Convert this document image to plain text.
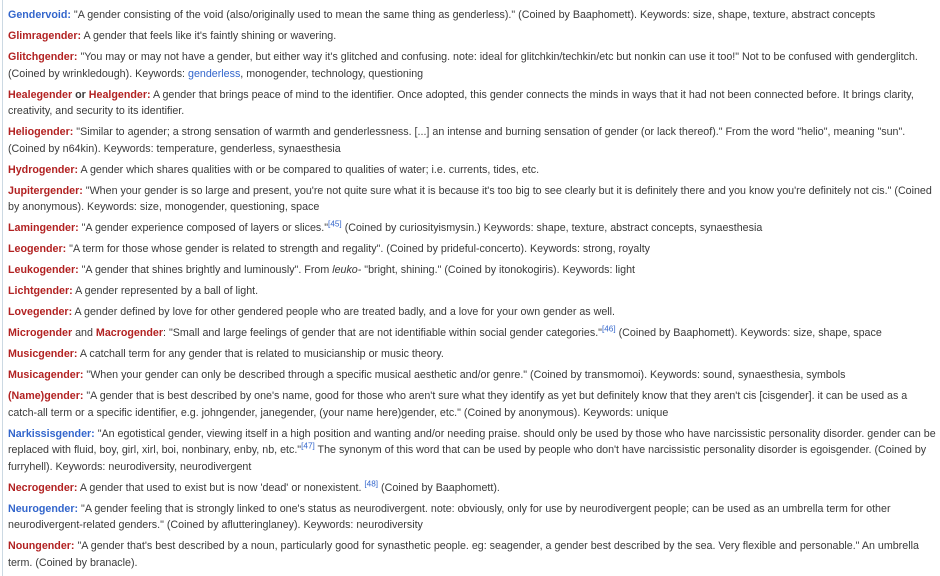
Gendervoid: "A gender consisting of the void (also/originally used to mean the same thing as genderless)." (Coined by Baaphomett). Keywords: size, shape, texture, abstract concepts

Glimragender: A gender that feels like it's faintly shining or wavering.

Glitchgender: "You may or may not have a gender, but either way it's glitched and confusing. note: ideal for glitchkin/techkin/etc but nonkin can use it too!" Not to be confused with genderglitch. (Coined by wrinkledough). Keywords: genderless, monogender, technology, questioning

Healegender or Healgender: A gender that brings peace of mind to the identifier. Once adopted, this gender connects the minds in ways that it had not been connected before. It brings clarity, creativity, and security to its identifier.

Heliogender: "Similar to agender; a strong sensation of warmth and genderlessness. [...] an intense and burning sensation of gender (or lack thereof)." From the word "helio", meaning "sun". (Coined by n64kin). Keywords: temperature, genderless, synaesthesia

Hydrogender: A gender which shares qualities with or be compared to qualities of water; i.e. currents, tides, etc.

Jupitergender: "When your gender is so large and present, you're not quite sure what it is because it's too big to see clearly but it is definitely there and you know you're definitely not cis." (Coined by anonymous). Keywords: size, monogender, questioning, space

Lamingender: "A gender experience composed of layers or slices."[45] (Coined by curiosityismysin.) Keywords: shape, texture, abstract concepts, synaesthesia

Leogender: "A term for those whose gender is related to strength and regality". (Coined by prideful-concerto). Keywords: strong, royalty

Leukogender: "A gender that shines brightly and luminously". From leuko- "bright, shining." (Coined by itonokogiris). Keywords: light

Lichtgender: A gender represented by a ball of light.

Lovegender: A gender defined by love for other gendered people who are treated badly, and a love for your own gender as well.

Microgender and Macrogender: "Small and large feelings of gender that are not identifiable within social gender categories."[46] (Coined by Baaphomett). Keywords: size, shape, space

Musicgender: A catchall term for any gender that is related to musicianship or music theory.

Musicagender: "When your gender can only be described through a specific musical aesthetic and/or genre." (Coined by transmomoi). Keywords: sound, synaesthesia, symbols

(Name)gender: "A gender that is best described by one's name, good for those who aren't sure what they identify as yet but definitely know that they aren't cis [cisgender]. it can be used as a catch-all term or a specific identifier, e.g. johngender, janegender, (your name here)gender, etc." (Coined by anonymous). Keywords: unique

Narkissisgender: "An egotistical gender, viewing itself in a high position and wanting and/or needing praise. should only be used by those who have narcissistic personality disorder. gender can be replaced with fluid, boy, girl, xirl, boi, nonbinary, enby, nb, etc."[47] The synonym of this word that can be used by people who don't have narcissistic personality disorder is egoisgender. (Coined by furryhell). Keywords: neurodiversity, neurodivergent

Necrogender: A gender that used to exist but is now 'dead' or nonexistent. [48] (Coined by Baaphomett).

Neurogender: "A gender feeling that is strongly linked to one's status as neurodivergent. note: obviously, only for use by neurodivergent people; can be used as an umbrella term for other neurodivergent-related genders." (Coined by aflutteringlaney). Keywords: neurodiversity

Noungender: "A gender that's best described by a noun, particularly good for synasthetic people. eg: seagender, a gender best described by the sea. Very flexible and personable." An umbrella term. (Coined by branacle).
